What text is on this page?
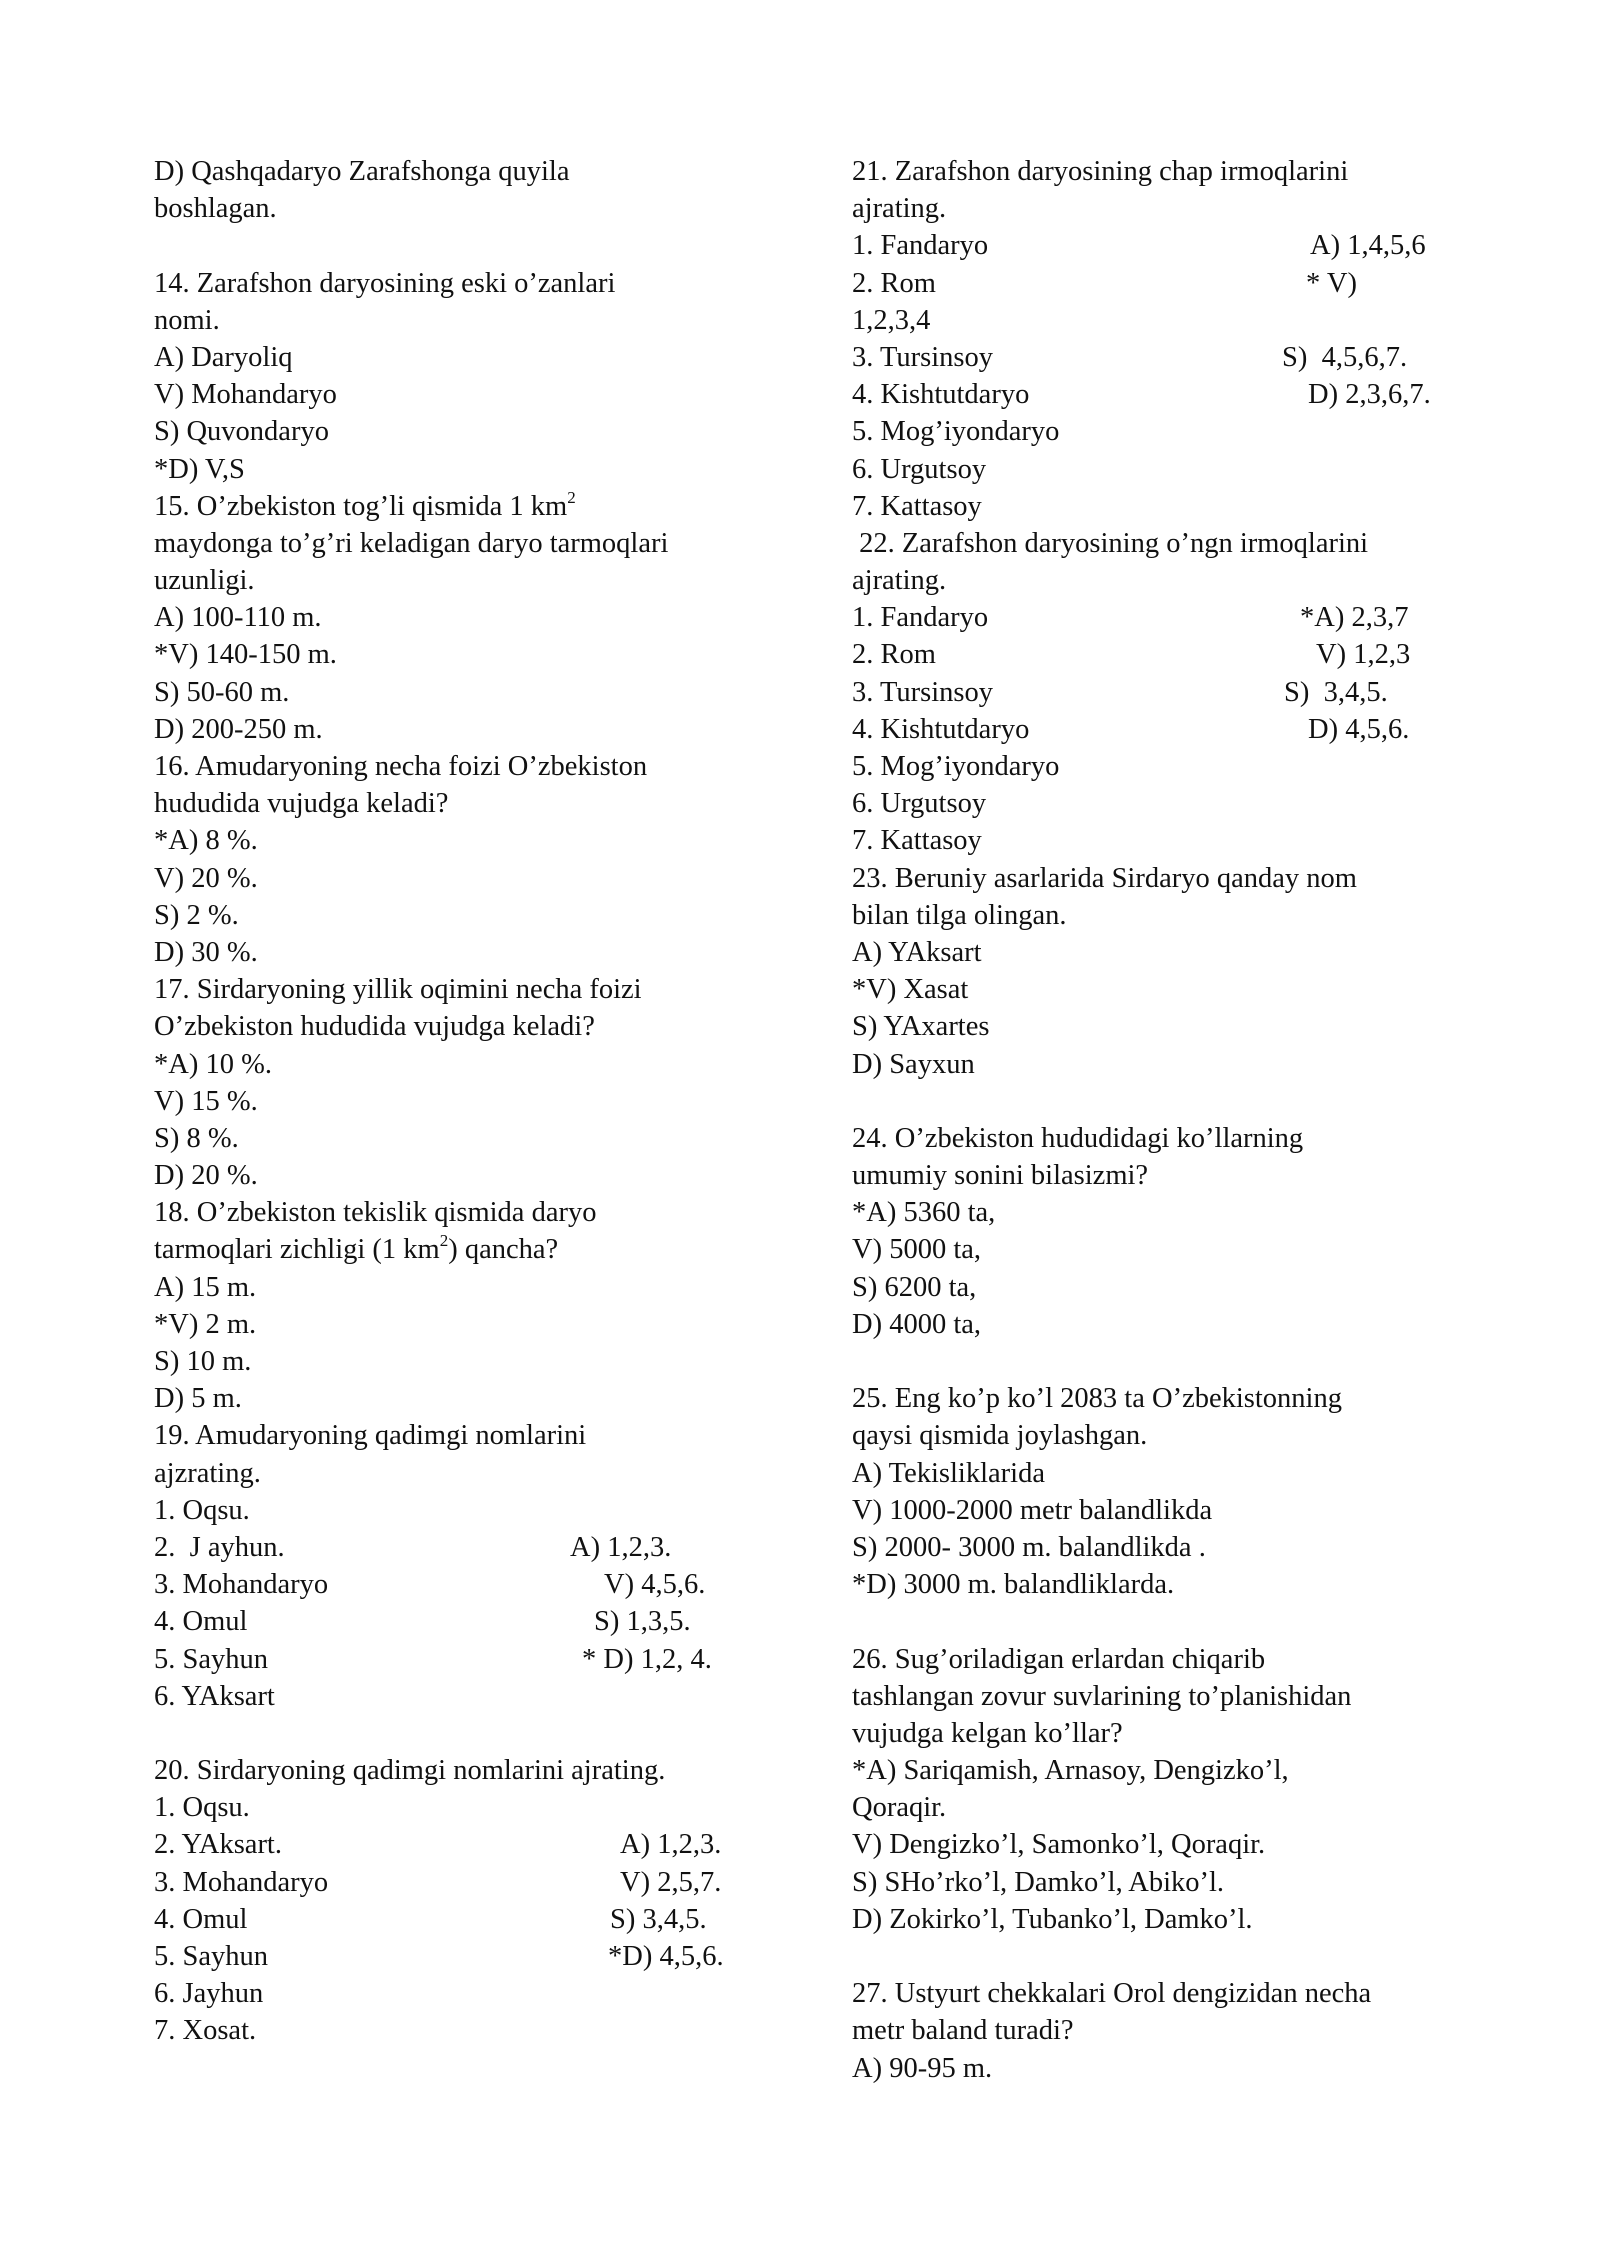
D) Qashqadaryo Zarafshonga quyila
boshlagan.
14. Zarafshon daryosining eski o’zanlari
nomi.
A) Daryoliq
V) Mohandaryo
S) Quvondaryo
*D) V,S
15. O’zbekiston tog’li qismida 1 $km^2$
maydonga to’g’ri keladigan daryo tarmoqlari
uzunligi.
A) 100-110 m.
*V) 140-150 m.
S) 50-60 m.
D) 200-250 m.
16. Amudaryoning necha foizi O’zbekiston
hududida vujudga keladi?
*A) 8 %.
V) 20 %.
S) 2 %.
D) 30 %.
17. Sirdaryoning yillik oqimini necha foizi
O’zbekiston hududida vujudga keladi?
*A) 10 %.
V) 15 %.
S) 8 %.
D) 20 %.
18. O’zbekiston tekislik qismida daryo
tarmoqlari zichligi (1 $km^2$) qancha?
A) 15 m.
*V) 2 m.
S) 10 m.
D) 5 m.
19. Amudaryoning qadimgi nomlarini
ajzrating.
1. Oqsu.
2.  J ayhun.	A) 1,2,3.
3. Mohandaryo	V) 4,5,6.
4. Omul	S) 1,3,5.
5. Sayhun	* D) 1,2, 4.
6. YAksart
20. Sirdaryoning qadimgi nomlarini ajrating.
1. Oqsu.
2. YAksart.	A) 1,2,3.
3. Mohandaryo	V) 2,5,7.
4. Omul	S) 3,4,5.
5. Sayhun	*D) 4,5,6.
6. Jayhun
7. Xosat.
21. Zarafshon daryosining chap irmoqlarini
ajrating.
1. Fandaryo	A) 1,4,5,6
2. Rom	* V)
1,2,3,4
3. Tursinsoy	S)  4,5,6,7.
4. Kishtutdaryo	D) 2,3,6,7.
5. Mog’iyondaryo
6. Urgutsoy
7. Kattasoy
22. Zarafshon daryosining o’ngn irmoqlarini
ajrating.
1. Fandaryo	*A) 2,3,7
2. Rom	V) 1,2,3
3. Tursinsoy	S)  3,4,5.
4. Kishtutdaryo	D) 4,5,6.
5. Mog’iyondaryo
6. Urgutsoy
7. Kattasoy
23. Beruniy asarlarida Sirdaryo qanday nom
bilan tilga olingan.
A) YAksart
*V) Xasat
S) YAxartes
D) Sayxun
24. O’zbekiston hududidagi ko’llarning
umumiy sonini bilasizmi?
*A) 5360 ta,
V) 5000 ta,
S) 6200 ta,
D) 4000 ta,
25. Eng ko’p ko’l 2083 ta O’zbekistonning
qaysi qismida joylashgan.
A) Tekisliklarida
V) 1000-2000 metr balandlikda
S) 2000- 3000 m. balandlikda .
*D) 3000 m. balandliklarda.
26. Sug’oriladigan erlardan chiqarib
tashlangan zovur suvlarining to’planishidan
vujudga kelgan ko’llar?
*A) Sariqamish, Arnasoy, Dengizko’l,
Qoraqir.
V) Dengizko’l, Samonko’l, Qoraqir.
S) SHo’rko’l, Damko’l, Abiko’l.
D) Zokirko’l, Tubanko’l, Damko’l.
27. Ustyurt chekkalari Orol dengizidan necha
metr baland turadi?
A) 90-95 m.
